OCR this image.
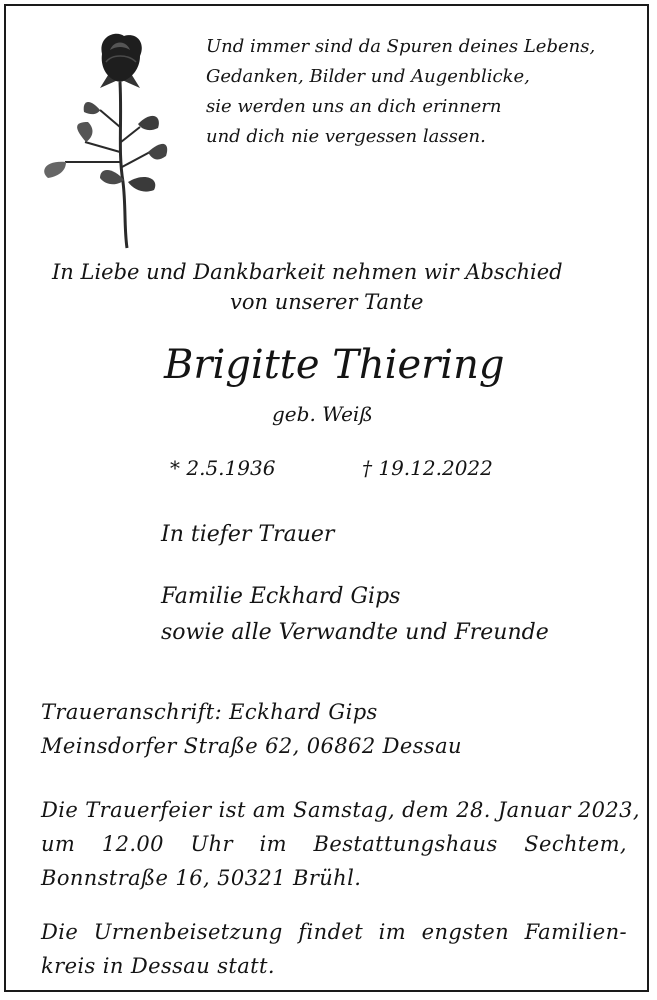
Und immer sind da Spuren deines Lebens,

Gedanken, Bilder und Augenblicke,

sie werden uns an dich erinnern

und dich nie vergessen lassen.

In Liebe und Dankbarkeit nehmen wir Abschied

von unserer Tante

Brigitte Thiering

geb. Weiß

* 2.5.1936	† 19.12.2022

In tiefer Trauer

Familie Eckhard Gips

sowie alle Verwandte und Freunde

Traueranschrift: Eckhard Gips

Meinsdorfer Straße 62, 06862 Dessau

Die Trauerfeier ist am Samstag, dem 28. Januar 2023,

um 12.00 Uhr im Bestattungshaus Sechtem,

Bonnstraße 16, 50321 Brühl.

Die Urnenbeisetzung findet im engsten Familien-

kreis in Dessau statt.
